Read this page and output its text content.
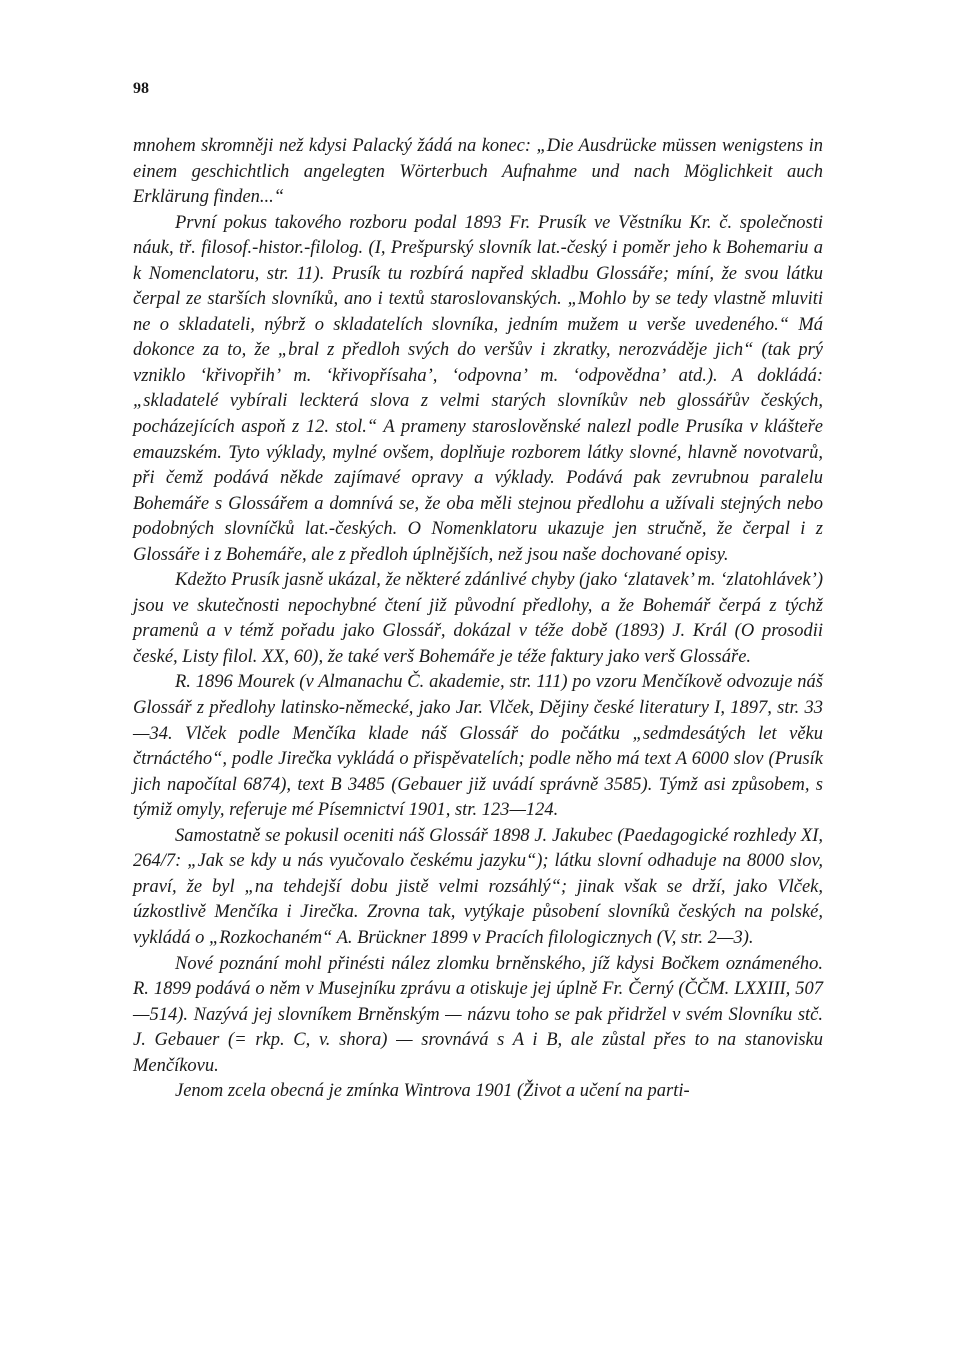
98

mnohem skromněji než kdysi Palacký žádá na konec: „Die Ausdrücke müssen wenigstens in einem geschichtlich angelegten Wörterbuch Aufnahme und nach Möglichkeit auch Erklärung finden...“

První pokus takového rozboru podal 1893 Fr. Prusík ve Věstníku Kr. č. společnosti náuk, tř. filosof.-histor.-filolog. (I, Prešpurský slovník lat.-český i poměr jeho k Bohemariu a k Nomenclatoru, str. 11). Prusík tu rozbírá napřed skladbu Glossáře; míní, že svou látku čerpal ze starších slovníků, ano i textů staroslovanských. „Mohlo by se tedy vlastně mluviti ne o skladateli, nýbrž o skladatelích slovníka, jedním mužem u verše uvedeného.“ Má dokonce za to, že „bral z předloh svých do veršův i zkratky, nerozváděje jich“ (tak prý vzniklo ‘křivopřih’ m. ‘křivopřísaha’, ‘odpovna’ m. ‘odpovědna’ atd.). A dokládá: „skladatelé vybírali leckterá slova z velmi starých slovníkův neb glossářův českých, pocházejících aspoň z 12. stol.“ A prameny staroslověnské nalezl podle Prusíka v klášteře emauzském. Tyto výklady, mylné ovšem, doplňuje rozborem látky slovné, hlavně novotvarů, při čemž podává někde zajímavé opravy a výklady. Podává pak zevrubnou paralelu Bohemáře s Glossářem a domnívá se, že oba měli stejnou předlohu a užívali stejných nebo podobných slovníčků lat.-českých. O Nomenklatoru ukazuje jen stručně, že čerpal i z Glossáře i z Bohemáře, ale z předloh úplnějších, než jsou naše dochované opisy.

Kdežto Prusík jasně ukázal, že některé zdánlivé chyby (jako ‘zlatavek’ m. ‘zlatohlávek’) jsou ve skutečnosti nepochybné čtení již původní předlohy, a že Bohemář čerpá z týchž pramenů a v témž pořadu jako Glossář, dokázal v téže době (1893) J. Král (O prosodii české, Listy filol. XX, 60), že také verš Bohemáře je téže faktury jako verš Glossáře.

R. 1896 Mourek (v Almanachu Č. akademie, str. 111) po vzoru Menčíkově odvozuje náš Glossář z předlohy latinsko-německé, jako Jar. Vlček, Dějiny české literatury I, 1897, str. 33—34. Vlček podle Menčíka klade náš Glossář do počátku „sedmdesátých let věku čtrnáctého“, podle Jirečka vykládá o přispěvatelích; podle něho má text A 6000 slov (Prusík jich napočítal 6874), text B 3485 (Gebauer již uvádí správně 3585). Týmž asi způsobem, s týmiž omyly, referuje mé Písemnictví 1901, str. 123—124.

Samostatně se pokusil oceniti náš Glossář 1898 J. Jakubec (Paedagogické rozhledy XI, 264/7: „Jak se kdy u nás vyučovalo českému jazyku“); látku slovní odhaduje na 8000 slov, praví, že byl „na tehdejší dobu jistě velmi rozsáhlý“; jinak však se drží, jako Vlček, úzkostlivě Menčíka i Jirečka. Zrovna tak, vytýkaje působení slovníků českých na polské, vykládá o „Rozkochaném“ A. Brückner 1899 v Pracích filologicznych (V, str. 2—3).

Nové poznání mohl přinésti nález zlomku brněnského, jíž kdysi Bočkem oznámeného. R. 1899 podává o něm v Musejníku zprávu a otiskuje jej úplně Fr. Černý (ČČM. LXXIII, 507—514). Nazývá jej slovníkem Brněnským — názvu toho se pak přidržel v svém Slovníku stč. J. Gebauer (= rkp. C, v. shora) — srovnává s A i B, ale zůstal přes to na stanovisku Menčíkovu.

Jenom zcela obecná je zmínka Wintrova 1901 (Život a učení na parti-
